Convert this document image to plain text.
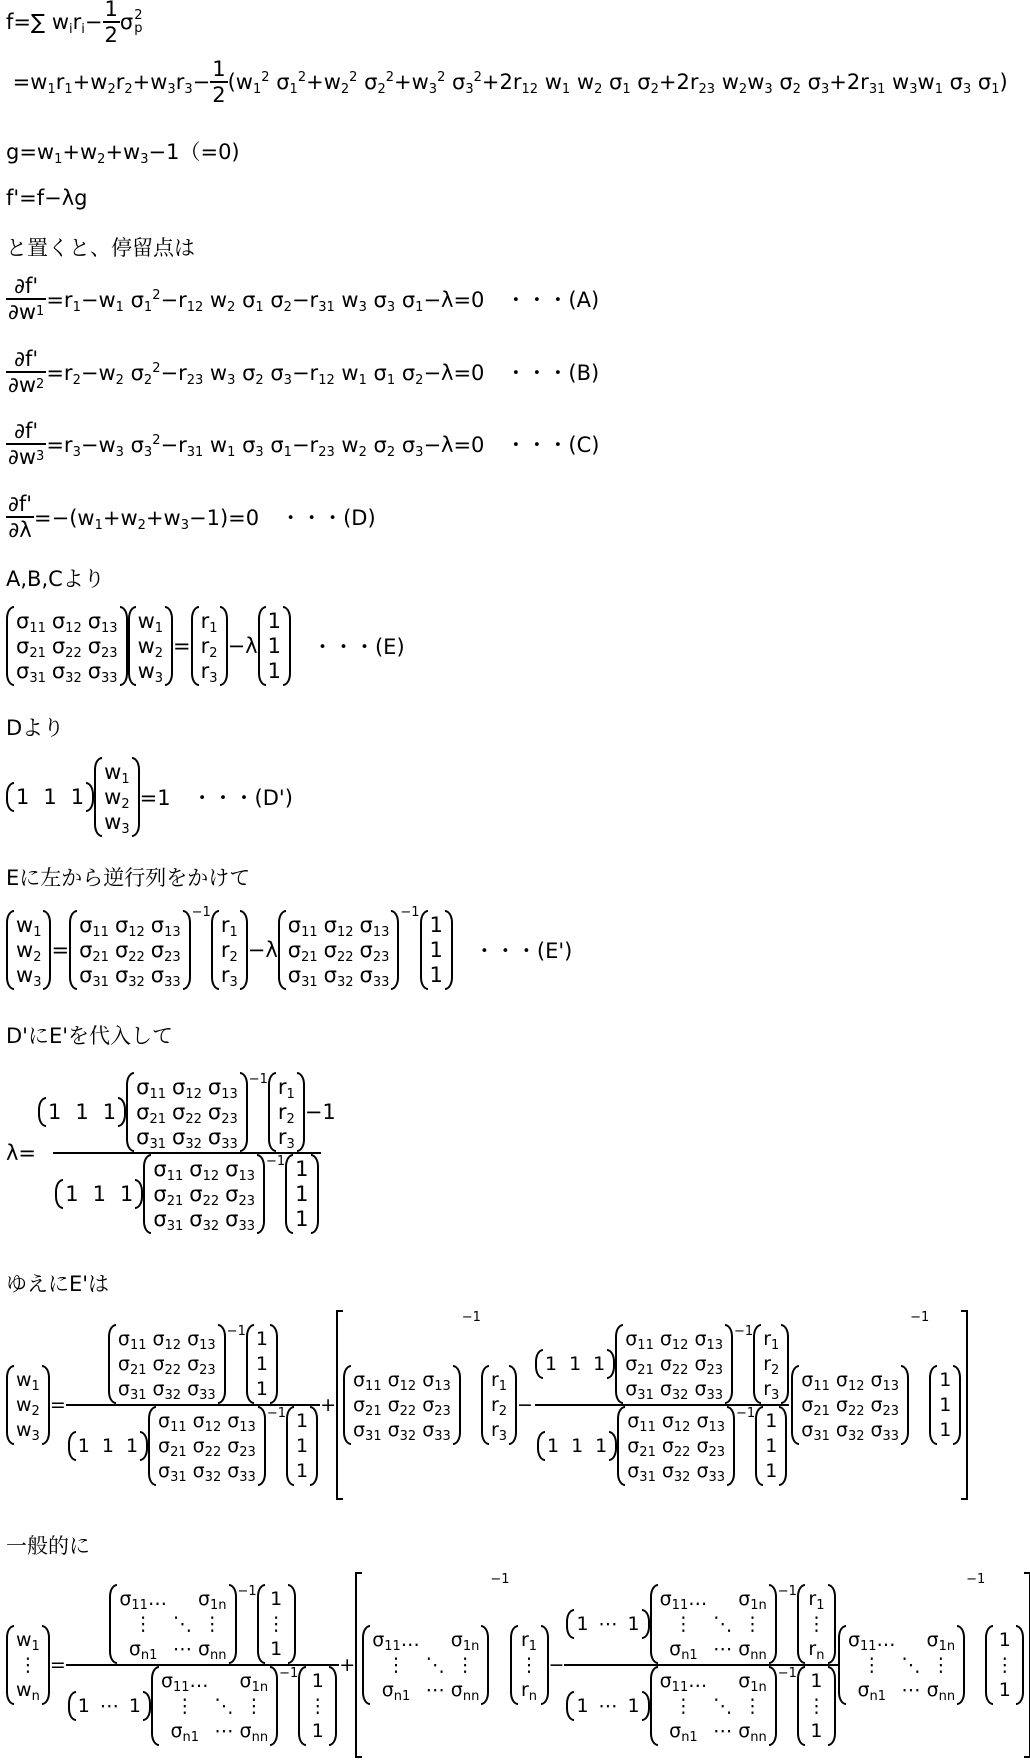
f=∑ $w_ir_i- \frac{1}{2}$ σ 2
p
$=w_1r_1+w_2r_2+w_3r_3- \frac{1}{2} (w_1^2$ $\sigma_1^2+w_2^2$ $\sigma_2^2+w_3^2$ $\sigma_3^2+2r_{12}$ $w_1$ $w_2$ $\sigma_1$ $\sigma_2+2r_{23}$ $w_2w_3$ $\sigma_2$ $\sigma_3+2r_{31}$ $w_3w_1$ $\sigma_3$ $\sigma_1$)
$g=w_1+w_2+w_3-1(=0)$
f'=f−λg
と置くと、停留点は
$\frac{\partial f'}{\partial w 1} =r_1-w_1$ $\sigma_1^2-r_{12}$ $w_2$ $\sigma_1$ $\sigma_2-r_{31}$ $w_3$ $\sigma_3$ $\sigma_1-\lambda=0$　 ・・・(A)
$\frac{\partial f'}{\partial w 2} =r_2-w_2$ $\sigma_2^2-r_{23}$ $w_3$ $\sigma_2$ $\sigma_3-r_{12}$ $w_1$ $\sigma_1$ $\sigma_2-\lambda=0$　 ・・・(B)
$\frac{\partial f'}{\partial w 3} =r_3-w_3$ $\sigma_3^2-r_{31}$ $w_1$ $\sigma_3$ $\sigma_1-r_{23}$ $w_2$ $\sigma_2$ $\sigma_3-\lambda=0$　 ・・・(C)
$\frac{\partial f'}{\partial\lambda} =-(w_1+w_2+w_3-1)=0$　 ・・・(D)
A,B,Cより
$\sigma_{11}$ $\sigma_{12}$ $\sigma_{13}$
$\sigma_{21}$ $\sigma_{22}$ $\sigma_{23}$
$\sigma_{31}$ $\sigma_{32}$ $\sigma_{33}$
$w_1$
$w_2$
$w_3$
=
$r_1$
$r_2$
$r_3$
−λ
1
1
1

・・・(E)
Dより
1 1 1
$w_1$
$w_2$
$w_3$
=1　 ・・・(D')
Eに左から逆行列をかけて
$w_1$
$w_2$
$w_3$
=
$\sigma_{11}$ $\sigma_{12}$ $\sigma_{13}$
$\sigma_{21}$ $\sigma_{22}$ $\sigma_{23}$
$\sigma_{31}$ $\sigma_{32}$ $\sigma_{33}$
−1
$r_1$
$r_2$
$r_3$
−λ
$\sigma_{11}$ $\sigma_{12}$ $\sigma_{13}$
$\sigma_{21}$ $\sigma_{22}$ $\sigma_{23}$
$\sigma_{31}$ $\sigma_{32}$ $\sigma_{33}$
−1
1
1
1

・・・(E')
D'にE'を代入して
λ= 1 1 1
$\sigma_{11}$ $\sigma_{12}$ $\sigma_{13}$
$\sigma_{21}$ $\sigma_{22}$ $\sigma_{23}$
$\sigma_{31}$ $\sigma_{32}$ $\sigma_{33}$
−1 $r_1$
$r_2$
$r_3$
−1
1 1 1
$\sigma_{11}$ $\sigma_{12}$ $\sigma_{13}$
$\sigma_{21}$ $\sigma_{22}$ $\sigma_{23}$
$\sigma_{31}$ $\sigma_{32}$ $\sigma_{33}$
−1 1
1
1
ゆえにE'は
$w_1$
$w_2$
$w_3$
= $\sigma_{11}$ $\sigma_{12}$ $\sigma_{13}$
$\sigma_{21}$ $\sigma_{22}$ $\sigma_{23}$
$\sigma_{31}$ $\sigma_{32}$ $\sigma_{33}$
−1 1
1
1
1 1 1
$\sigma_{11}$ $\sigma_{12}$ $\sigma_{13}$
$\sigma_{21}$ $\sigma_{22}$ $\sigma_{23}$
$\sigma_{31}$ $\sigma_{32}$ $\sigma_{33}$
−1 1
1
1 +
$\sigma_{11}$ $\sigma_{12}$ $\sigma_{13}$
$\sigma_{21}$ $\sigma_{22}$ $\sigma_{23}$
$\sigma_{31}$ $\sigma_{32}$ $\sigma_{33}$
−1
$r_1$
$r_2$
$r_3$
− 1 1 1
$\sigma_{11}$ $\sigma_{12}$ $\sigma_{13}$
$\sigma_{21}$ $\sigma_{22}$ $\sigma_{23}$
$\sigma_{31}$ $\sigma_{32}$ $\sigma_{33}$
−1 $r_1$
$r_2$
$r_3$
1 1 1
$\sigma_{11}$ $\sigma_{12}$ $\sigma_{13}$
$\sigma_{21}$ $\sigma_{22}$ $\sigma_{23}$
$\sigma_{31}$ $\sigma_{32}$ $\sigma_{33}$
−1 1
1
1 $\sigma_{11}$ $\sigma_{12}$ $\sigma_{13}$
$\sigma_{21}$ $\sigma_{22}$ $\sigma_{23}$
$\sigma_{31}$ $\sigma_{32}$ $\sigma_{33}$
−1
1
1
1
一般的に
$w_1$
⋮
$w_n$
= $\sigma_{11}\dots$ $\sigma_{1n}$
⋮	⋱ ⋮
$\sigma_{n1}$ ⋯ $\sigma_{nn}$
−1 1
⋮
1
1 ⋯ 1
$\sigma_{11}\dots$ $\sigma_{1n}$
⋮	⋱ ⋮
$\sigma_{n1}$ ⋯ $\sigma_{nn}$
−1 1
⋮
1 +
$\sigma_{11}\dots$ $\sigma_{1n}$
⋮	⋱ ⋮
$\sigma_{n1}$ ⋯ $\sigma_{nn}$
−1
$r_1$
⋮
$r_n$
− 1 ⋯ 1
$\sigma_{11}\dots$ $\sigma_{1n}$
⋮	⋱ ⋮
$\sigma_{n1}$ ⋯ $\sigma_{nn}$
−1 $r_1$
⋮
$r_n$
1 ⋯ 1
$\sigma_{11}\dots$ $\sigma_{1n}$
⋮	⋱ ⋮
$\sigma_{n1}$ ⋯ $\sigma_{nn}$
−1 1
⋮
1 $\sigma_{11}\dots$ $\sigma_{1n}$
⋮	⋱ ⋮
$\sigma_{n1}$ ⋯ $\sigma_{nn}$
−1
1
⋮
1
